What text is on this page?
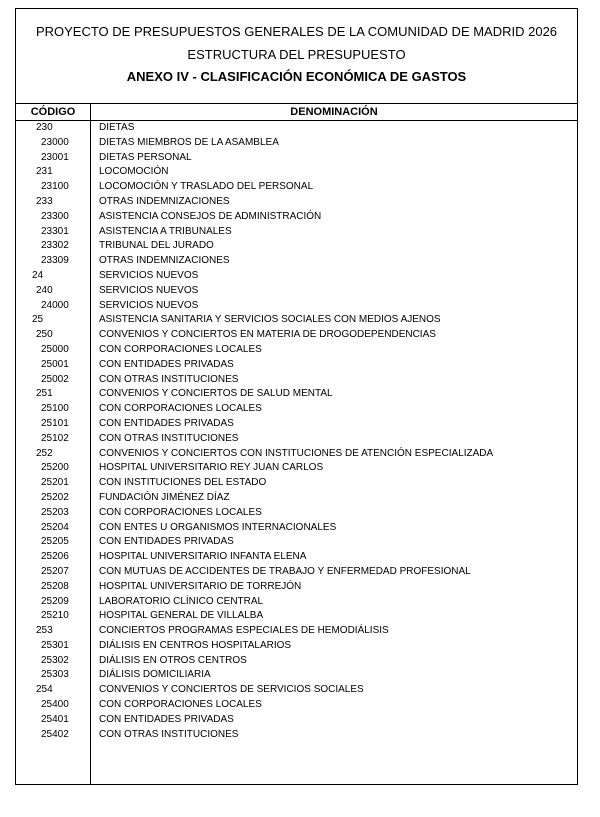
PROYECTO DE PRESUPUESTOS GENERALES DE LA COMUNIDAD DE MADRID 2026
ESTRUCTURA DEL PRESUPUESTO
ANEXO IV - CLASIFICACIÓN ECONÓMICA DE GASTOS
CÓDIGO	DENOMINACIÓN
230	DIETAS
23000	DIETAS MIEMBROS DE LA ASAMBLEA
23001	DIETAS PERSONAL
231	LOCOMOCIÓN
23100	LOCOMOCIÓN Y TRASLADO DEL PERSONAL
233	OTRAS INDEMNIZACIONES
23300	ASISTENCIA CONSEJOS DE ADMINISTRACIÓN
23301	ASISTENCIA A TRIBUNALES
23302	TRIBUNAL DEL JURADO
23309	OTRAS INDEMNIZACIONES
24	SERVICIOS NUEVOS
240	SERVICIOS NUEVOS
24000	SERVICIOS NUEVOS
25	ASISTENCIA SANITARIA Y SERVICIOS SOCIALES CON MEDIOS AJENOS
250	CONVENIOS Y CONCIERTOS EN MATERIA DE DROGODEPENDENCIAS
25000	CON CORPORACIONES LOCALES
25001	CON ENTIDADES PRIVADAS
25002	CON OTRAS INSTITUCIONES
251	CONVENIOS Y CONCIERTOS DE SALUD MENTAL
25100	CON CORPORACIONES LOCALES
25101	CON ENTIDADES PRIVADAS
25102	CON OTRAS INSTITUCIONES
252	CONVENIOS Y CONCIERTOS CON INSTITUCIONES DE ATENCIÓN ESPECIALIZADA
25200	HOSPITAL UNIVERSITARIO REY JUAN CARLOS
25201	CON INSTITUCIONES DEL ESTADO
25202	FUNDACIÓN JIMÉNEZ DÍAZ
25203	CON CORPORACIONES LOCALES
25204	CON ENTES U ORGANISMOS INTERNACIONALES
25205	CON ENTIDADES PRIVADAS
25206	HOSPITAL UNIVERSITARIO INFANTA ELENA
25207	CON MUTUAS DE ACCIDENTES DE TRABAJO Y ENFERMEDAD PROFESIONAL
25208	HOSPITAL UNIVERSITARIO DE TORREJÓN
25209	LABORATORIO CLÍNICO CENTRAL
25210	HOSPITAL GENERAL DE VILLALBA
253	CONCIERTOS PROGRAMAS ESPECIALES DE HEMODIÁLISIS
25301	DIÁLISIS EN CENTROS HOSPITALARIOS
25302	DIÁLISIS EN OTROS CENTROS
25303	DIÁLISIS DOMICILIARIA
254	CONVENIOS Y CONCIERTOS DE SERVICIOS SOCIALES
25400	CON CORPORACIONES LOCALES
25401	CON ENTIDADES PRIVADAS
25402	CON OTRAS INSTITUCIONES
